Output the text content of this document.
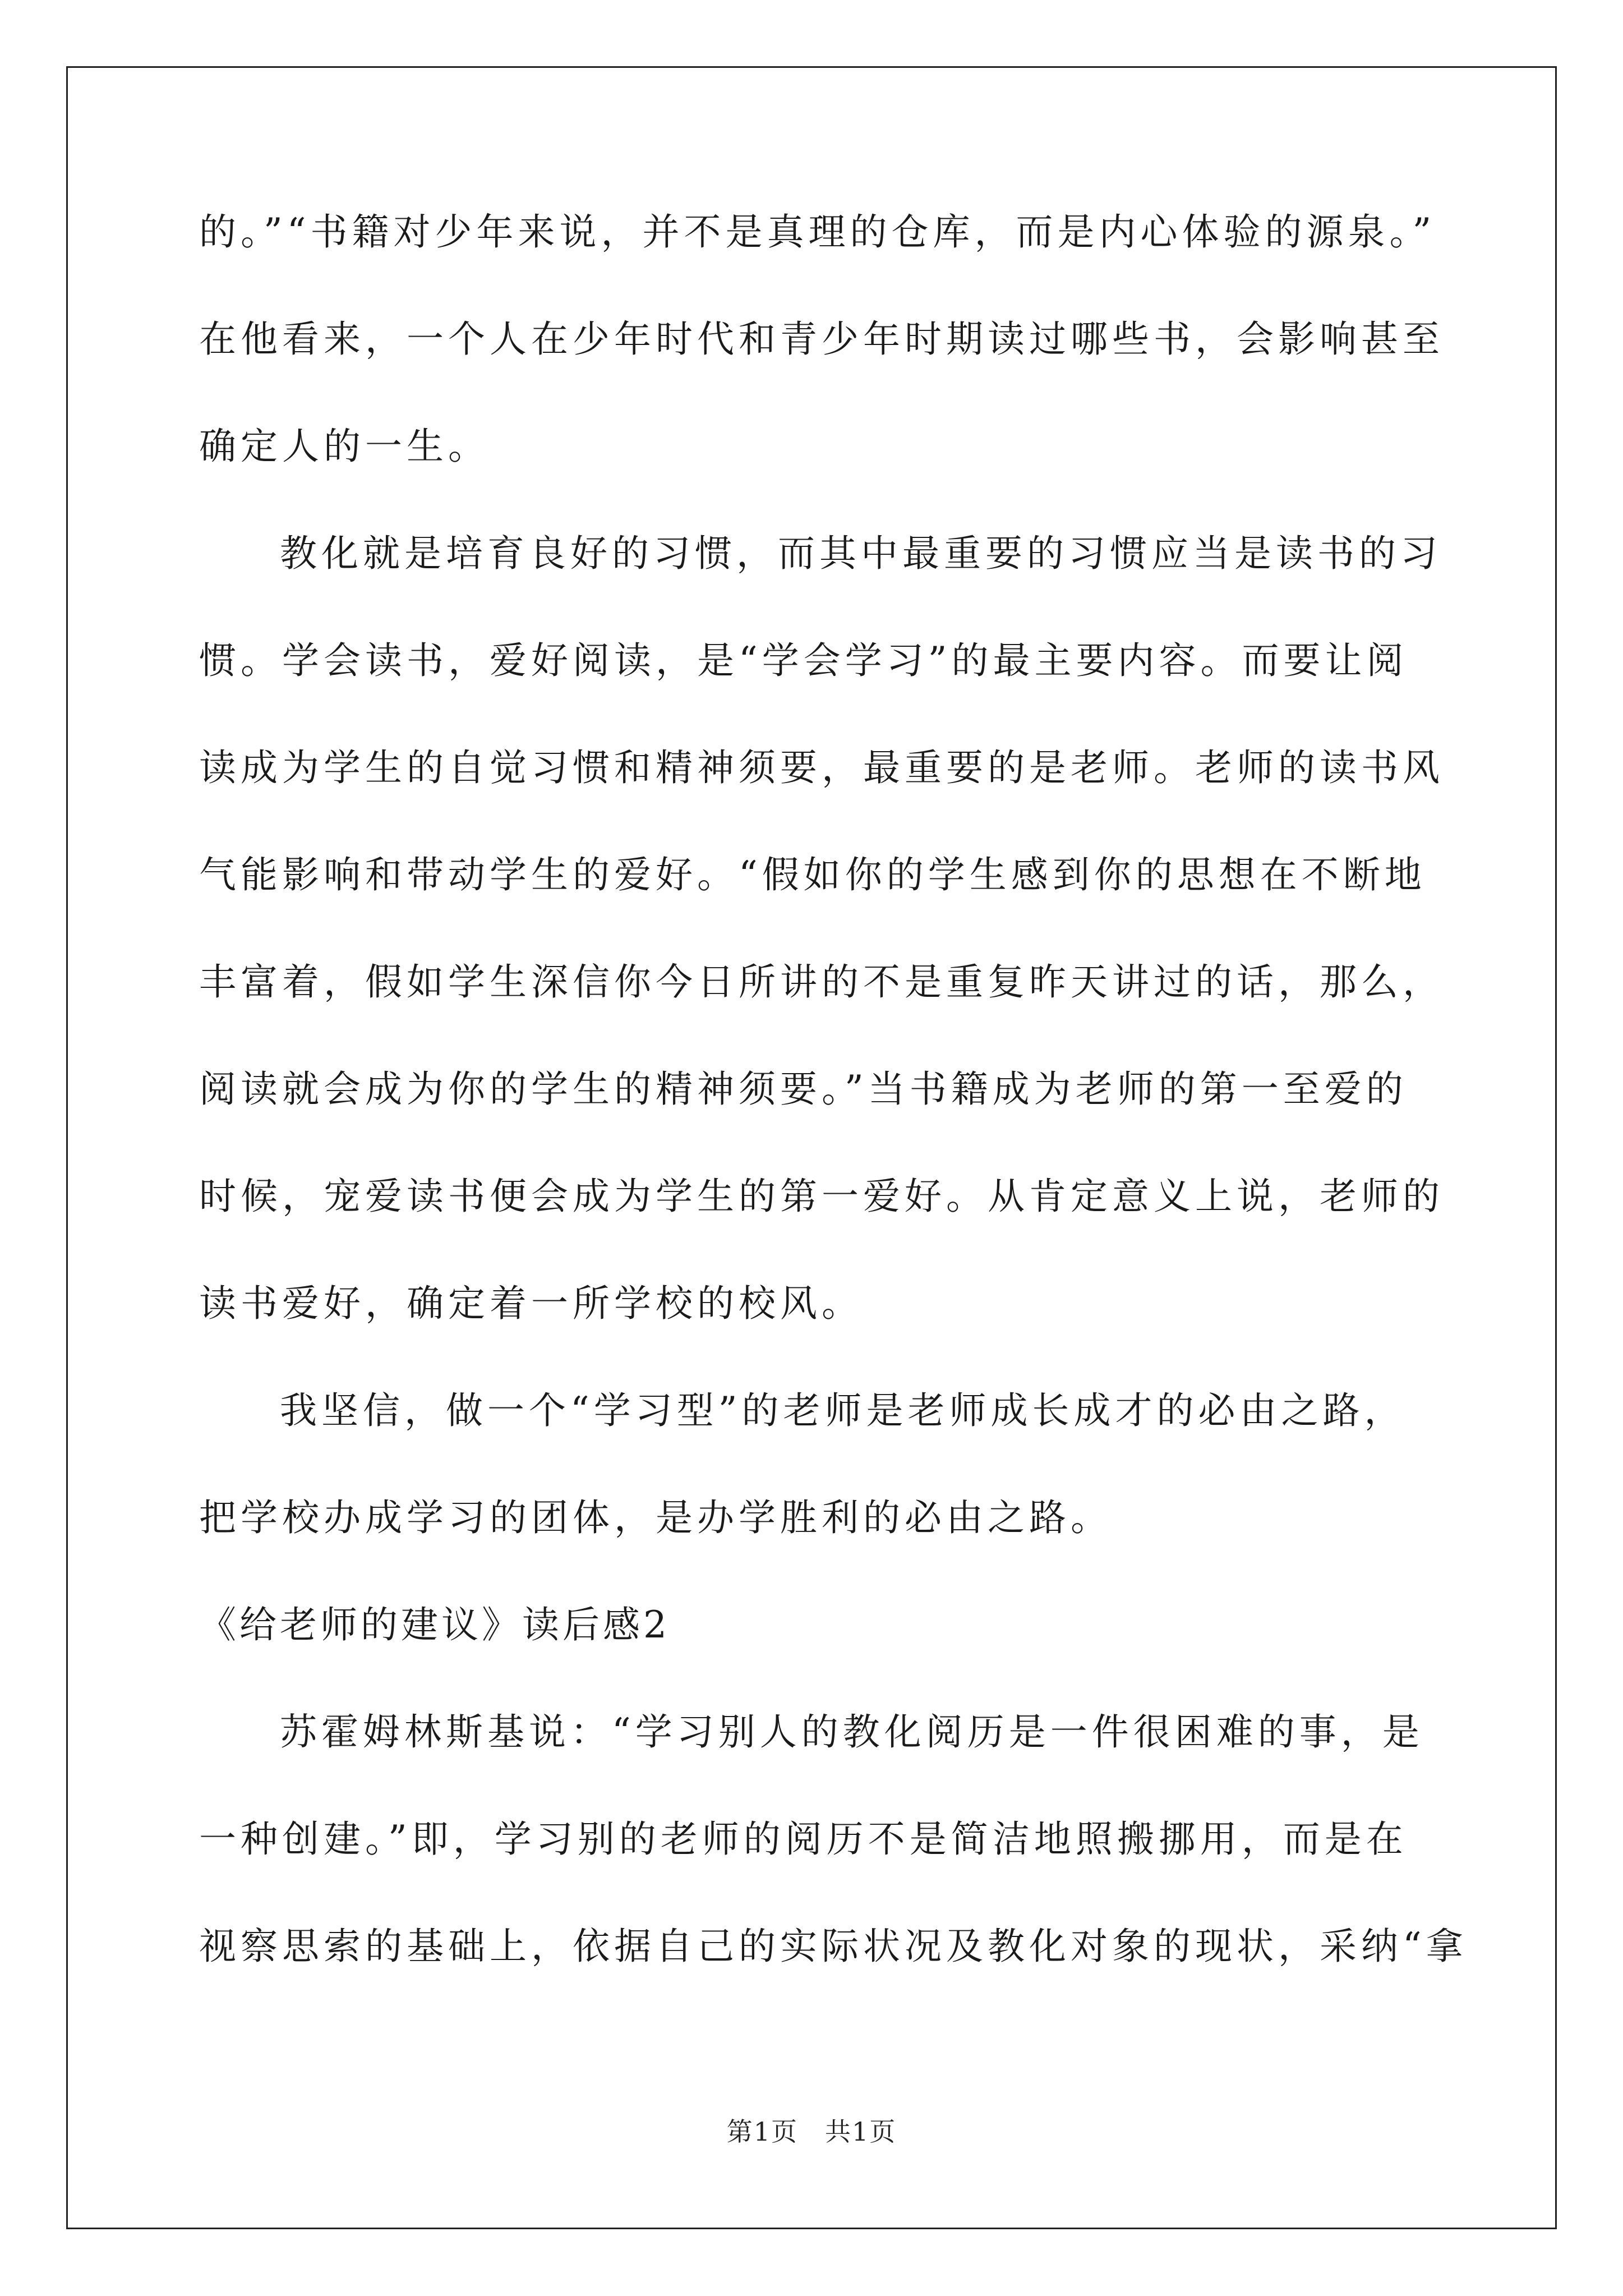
的。”“书籍对少年来说，并不是真理的仓库，而是内心体验的源泉。”
在他看来，一个人在少年时代和青少年时期读过哪些书，会影响甚至
确定人的一生。
教化就是培育良好的习惯，而其中最重要的习惯应当是读书的习
惯。学会读书，爱好阅读，是“学会学习”的最主要内容。而要让阅
读成为学生的自觉习惯和精神须要，最重要的是老师。老师的读书风
气能影响和带动学生的爱好。“假如你的学生感到你的思想在不断地
丰富着，假如学生深信你今日所讲的不是重复昨天讲过的话，那么，
阅读就会成为你的学生的精神须要。”当书籍成为老师的第一至爱的
时候，宠爱读书便会成为学生的第一爱好。从肯定意义上说，老师的
读书爱好，确定着一所学校的校风。
我坚信，做一个“学习型”的老师是老师成长成才的必由之路，
把学校办成学习的团体，是办学胜利的必由之路。
《给老师的建议》读后感2
苏霍姆林斯基说：“学习别人的教化阅历是一件很困难的事，是
一种创建。”即，学习别的老师的阅历不是简洁地照搬挪用，而是在
视察思索的基础上，依据自己的实际状况及教化对象的现状，采纳“拿
第1页 共1页
